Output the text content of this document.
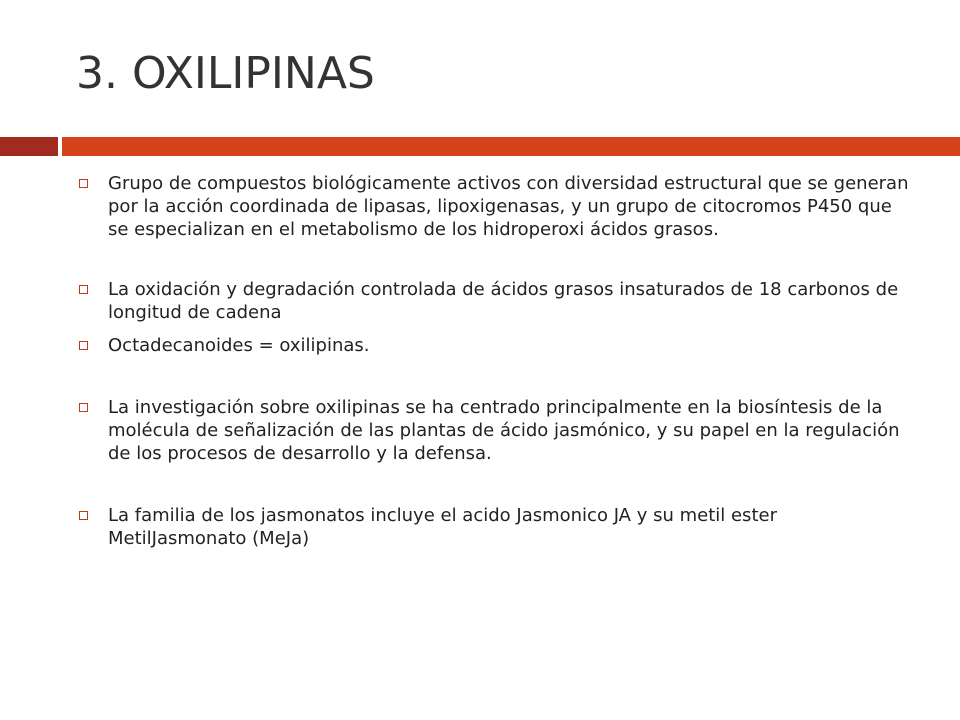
3. OXILIPINAS
Grupo de compuestos biológicamente activos con diversidad estructural que se generan por la acción coordinada de lipasas, lipoxigenasas, y un grupo de citocromos P450 que se especializan en el metabolismo de los hidroperoxi ácidos grasos.
La oxidación y degradación controlada de ácidos grasos insaturados de 18 carbonos de longitud de cadena
Octadecanoides = oxilipinas.
La investigación sobre oxilipinas se ha centrado principalmente en la biosíntesis de la molécula de señalización de las plantas de ácido jasmónico, y su papel en la regulación de los procesos de desarrollo y la defensa.
La familia de los jasmonatos incluye el acido Jasmonico JA y su metil ester MetilJasmonato (MeJa)
